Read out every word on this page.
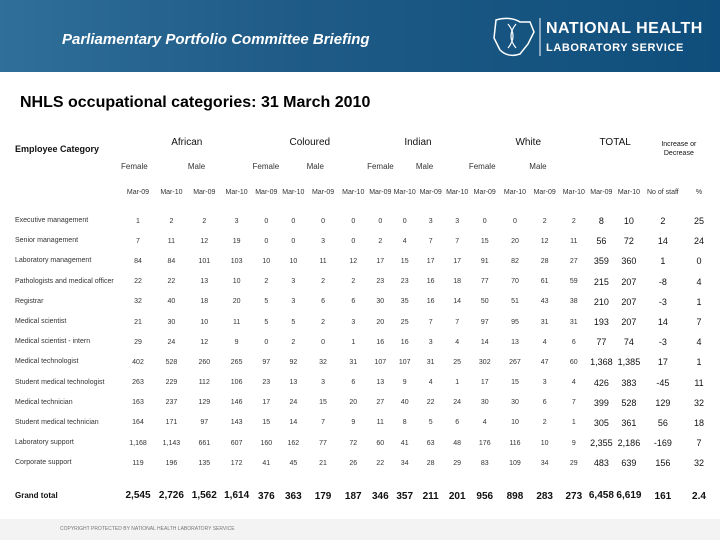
Parliamentary Portfolio Committee Briefing
NATIONAL HEALTH
LABORATORY SERVICE
NHLS occupational categories: 31 March 2010
Employee Category	African				Coloured				Indian				White				TOTAL		Increase or Decrease	
	Female		Male		Female		Male		Female		Male		Female		Male					
	Mar-09	Mar-10	Mar-09	Mar-10	Mar-09	Mar-10	Mar-09	Mar-10	Mar-09	Mar-10	Mar-09	Mar-10	Mar-09	Mar-10	Mar-09	Mar-10	Mar-09	Mar-10	No of staff	%
Executive management	1	2	2	3	0	0	0	0	0	0	3	3	0	0	2	2	8	10	2	25
Senior management	7	11	12	19	0	0	3	0	2	4	7	7	15	20	12	11	56	72	14	24
Laboratory management	84	84	101	103	10	10	11	12	17	15	17	17	91	82	28	27	359	360	1	0
Pathologists and medical officer	22	22	13	10	2	3	2	2	23	23	16	18	77	70	61	59	215	207	-8	4
Registrar	32	40	18	20	5	3	6	6	30	35	16	14	50	51	43	38	210	207	-3	1
Medical scientist	21	30	10	11	5	5	2	3	20	25	7	7	97	95	31	31	193	207	14	7
Medical scientist - intern	29	24	12	9	0	2	0	1	16	16	3	4	14	13	4	6	77	74	-3	4
Medical technologist	402	528	260	265	97	92	32	31	107	107	31	25	302	267	47	60	1,368	1,385	17	1
Student medical technologist	263	229	112	106	23	13	3	6	13	9	4	1	17	15	3	4	426	383	-45	11
Medical technician	163	237	129	146	17	24	15	20	27	40	22	24	30	30	6	7	399	528	129	32
Student medical technician	164	171	97	143	15	14	7	9	11	8	5	6	4	10	2	1	305	361	56	18
Laboratory support	1,168	1,143	661	607	160	162	77	72	60	41	63	48	176	116	10	9	2,355	2,186	-169	7
Corporate support	119	196	135	172	41	45	21	26	22	34	28	29	83	109	34	29	483	639	156	32
Grand total	2,545	2,726	1,562	1,614	376	363	179	187	346	357	211	201	956	898	283	273	6,458	6,619	161	2.4
COPYRIGHT PROTECTED BY NATIONAL HEALTH LABORATORY SERVICE
